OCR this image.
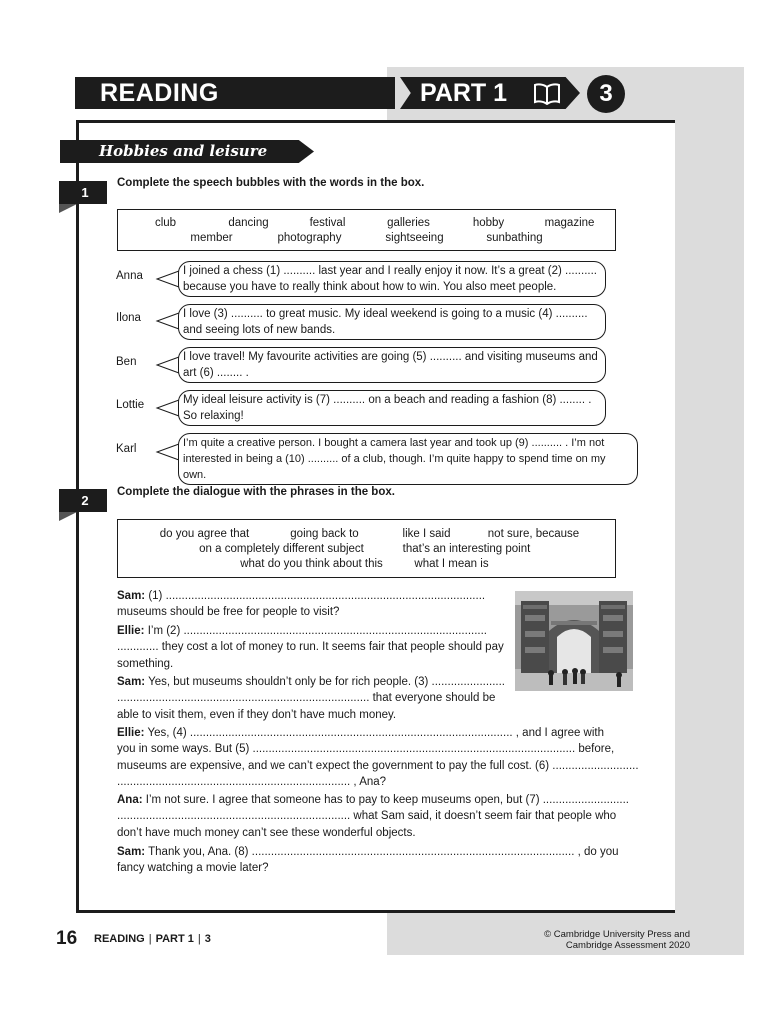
READING	PART 1	3
Hobbies and leisure
1
Complete the speech bubbles with the words in the box.
club	dancing	festival	galleries	hobby	magazine
member	photography	sightseeing	sunbathing
Anna	I joined a chess (1) .......... last year and I really enjoy it now. It’s a great (2) ..........
because you have to really think about how to win. You also meet people.
Ilona	I love (3) .......... to great music. My ideal weekend is going to a music (4) ..........
and seeing lots of new bands.
Ben	I love travel! My favourite activities are going (5) .......... and visiting museums and
art (6) ........ .
Lottie	My ideal leisure activity is (7) .......... on a beach and reading a fashion (8) ........ .
So relaxing!
Karl	I’m quite a creative person. I bought a camera last year and took up (9) .......... . I’m not
interested in being a (10) .......... of a club, though. I’m quite happy to spend time on my own.
2
Complete the dialogue with the phrases in the box.
do you agree that	going back to	like I said	not sure, because
on a completely different subject	that’s an interesting point
what do you think about this	what I mean is
Sam: (1) ....................................................................................................
museums should be free for people to visit?
Ellie: I’m (2) ...............................................................................................
............. they cost a lot of money to run. It seems fair that people should pay
something.
Sam: Yes, but museums shouldn’t only be for rich people. (3) .......................
............................................................................... that everyone should be
able to visit them, even if they don’t have much money.
Ellie: Yes, (4) ..................................................................................................... , and I agree with
you in some ways. But (5) ..................................................................................................... before,
museums are expensive, and we can’t expect the government to pay the full cost. (6) ...........................
......................................................................... , Ana?
Ana: I’m not sure. I agree that someone has to pay to keep museums open, but (7) ...........................
......................................................................... what Sam said, it doesn’t seem fair that people who
don’t have much money can’t see these wonderful objects.
Sam: Thank you, Ana. (8) ..................................................................................................... , do you
fancy watching a movie later?
16 READING | PART 1 | 3	© Cambridge University Press and
Cambridge Assessment 2020
